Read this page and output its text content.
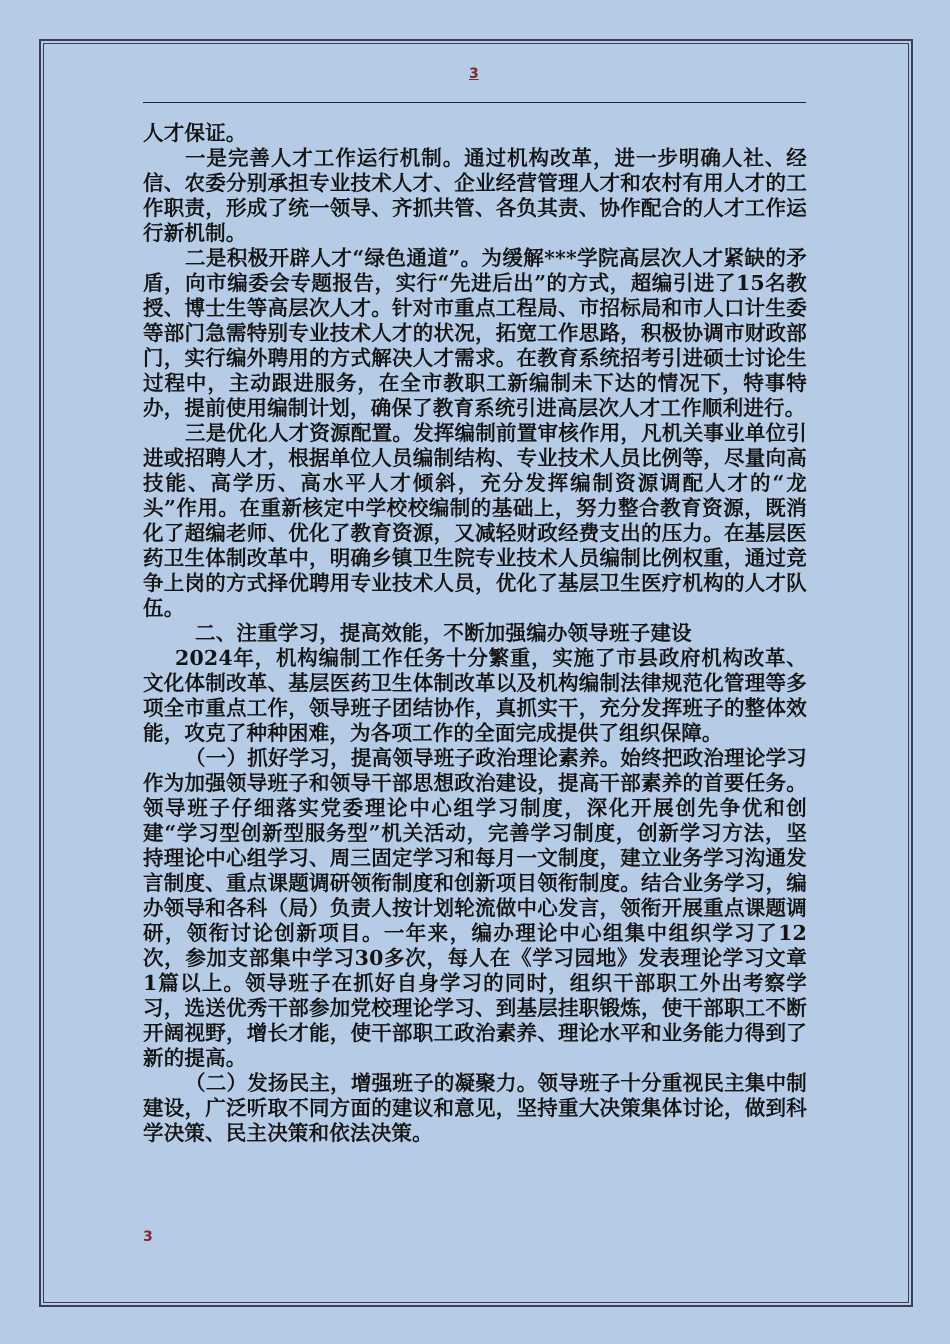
3

人才保证。

一是完善人才工作运行机制。通过机构改革，进一步明确人社、经信、农委分别承担专业技术人才、企业经营管理人才和农村有用人才的工作职责，形成了统一领导、齐抓共管、各负其责、协作配合的人才工作运行新机制。

二是积极开辟人才“绿色通道”。为缓解***学院高层次人才紧缺的矛盾，向市编委会专题报告，实行“先进后出”的方式，超编引进了15名教授、博士生等高层次人才。针对市重点工程局、市招标局和市人口计生委等部门急需特别专业技术人才的状况，拓宽工作思路，积极协调市财政部门，实行编外聘用的方式解决人才需求。在教育系统招考引进硕士讨论生过程中，主动跟进服务，在全市教职工新编制未下达的情况下，特事特办，提前使用编制计划，确保了教育系统引进高层次人才工作顺利进行。

三是优化人才资源配置。发挥编制前置审核作用，凡机关事业单位引进或招聘人才，根据单位人员编制结构、专业技术人员比例等，尽量向高技能、高学历、高水平人才倾斜，充分发挥编制资源调配人才的“龙头”作用。在重新核定中学校校编制的基础上，努力整合教育资源，既消化了超编老师、优化了教育资源，又减轻财政经费支出的压力。在基层医药卫生体制改革中，明确乡镇卫生院专业技术人员编制比例权重，通过竞争上岗的方式择优聘用专业技术人员，优化了基层卫生医疗机构的人才队伍。

二、注重学习，提高效能，不断加强编办领导班子建设

2024年，机构编制工作任务十分繁重，实施了市县政府机构改革、文化体制改革、基层医药卫生体制改革以及机构编制法律规范化管理等多项全市重点工作，领导班子团结协作，真抓实干，充分发挥班子的整体效能，攻克了种种困难，为各项工作的全面完成提供了组织保障。

（一）抓好学习，提高领导班子政治理论素养。始终把政治理论学习作为加强领导班子和领导干部思想政治建设，提高干部素养的首要任务。领导班子仔细落实党委理论中心组学习制度，深化开展创先争优和创建“学习型创新型服务型”机关活动，完善学习制度，创新学习方法，坚持理论中心组学习、周三固定学习和每月一文制度，建立业务学习沟通发言制度、重点课题调研领衔制度和创新项目领衔制度。结合业务学习，编办领导和各科（局）负责人按计划轮流做中心发言，领衔开展重点课题调研，领衔讨论创新项目。一年来，编办理论中心组集中组织学习了12次，参加支部集中学习30多次，每人在《学习园地》发表理论学习文章1篇以上。领导班子在抓好自身学习的同时，组织干部职工外出考察学习，选送优秀干部参加党校理论学习、到基层挂职锻炼，使干部职工不断开阔视野，增长才能，使干部职工政治素养、理论水平和业务能力得到了新的提高。

（二）发扬民主，增强班子的凝聚力。领导班子十分重视民主集中制建设，广泛听取不同方面的建议和意见，坚持重大决策集体讨论，做到科学决策、民主决策和依法决策。

3
